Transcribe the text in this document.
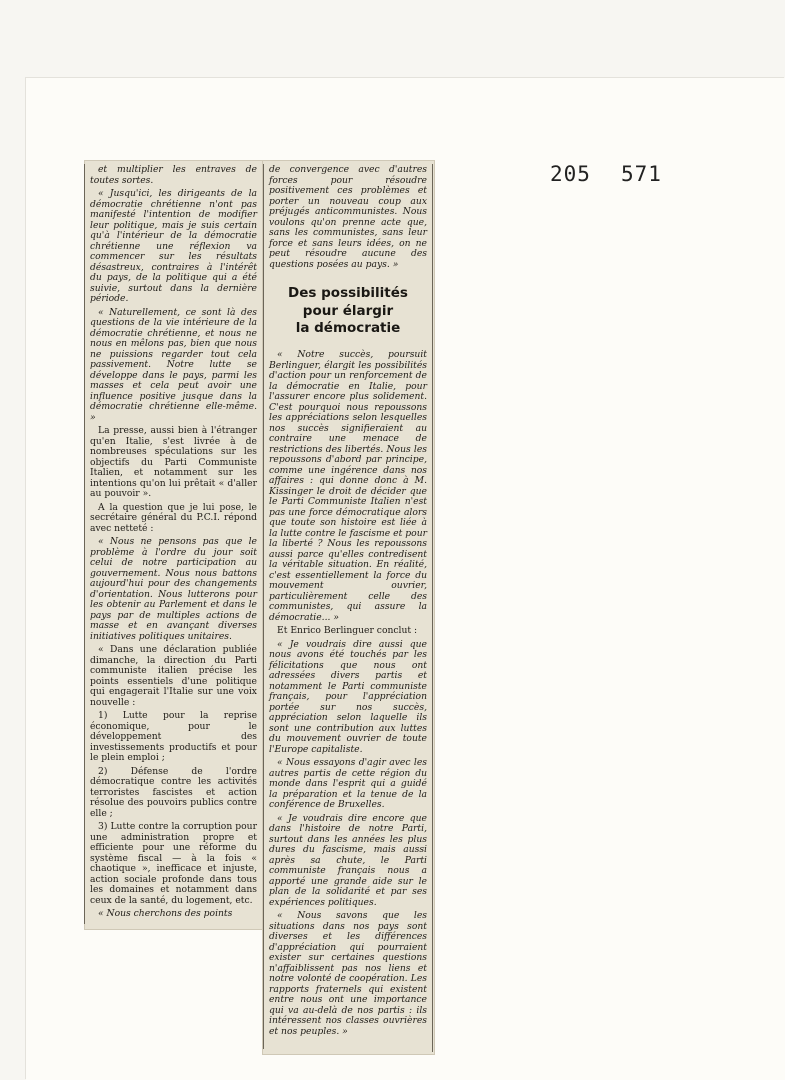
205 571

et multiplier les entraves de toutes sortes.

« Jusqu'ici, les dirigeants de la démocratie chrétienne n'ont pas manifesté l'intention de modifier leur politique, mais je suis certain qu'à l'intérieur de la démocratie chrétienne une réflexion va commencer sur les résultats désastreux, contraires à l'intérêt du pays, de la politique qui a été suivie, surtout dans la dernière période.

« Naturellement, ce sont là des questions de la vie intérieure de la démocratie chrétienne, et nous ne nous en mêlons pas, bien que nous ne puissions regarder tout cela passivement. Notre lutte se développe dans le pays, parmi les masses et cela peut avoir une influence positive jusque dans la démocratie chrétienne elle-même. »

La presse, aussi bien à l'étranger qu'en Italie, s'est livrée à de nombreuses spéculations sur les objectifs du Parti Communiste Italien, et notamment sur les intentions qu'on lui prêtait « d'aller au pouvoir ».

A la question que je lui pose, le secrétaire général du P.C.I. répond avec netteté :

« Nous ne pensons pas que le problème à l'ordre du jour soit celui de notre participation au gouvernement. Nous nous battons aujourd'hui pour des changements d'orientation. Nous lutterons pour les obtenir au Parlement et dans le pays par de multiples actions de masse et en avançant diverses initiatives politiques unitaires.

« Dans une déclaration publiée dimanche, la direction du Parti communiste italien précise les points essentiels d'une politique qui engagerait l'Italie sur une voix nouvelle :

1) Lutte pour la reprise économique, pour le développement des investissements productifs et pour le plein emploi ;

2) Défense de l'ordre démocratique contre les activités terroristes fascistes et action résolue des pouvoirs publics contre elle ;

3) Lutte contre la corruption pour une administration propre et efficiente pour une réforme du système fiscal — à la fois « chaotique », inefficace et injuste, action sociale profonde dans tous les domaines et notamment dans ceux de la santé, du logement, etc.

« Nous cherchons des points

de convergence avec d'autres forces pour résoudre positivement ces problèmes et porter un nouveau coup aux préjugés anticommunistes. Nous voulons qu'on prenne acte que, sans les communistes, sans leur force et sans leurs idées, on ne peut résoudre aucune des questions posées au pays. »

Des possibilités
pour élargir
la démocratie

« Notre succès, poursuit Berlinguer, élargit les possibilités d'action pour un renforcement de la démocratie en Italie, pour l'assurer encore plus solidement. C'est pourquoi nous repoussons les appréciations selon lesquelles nos succès signifieraient au contraire une menace de restrictions des libertés. Nous les repoussons d'abord par principe, comme une ingérence dans nos affaires : qui donne donc à M. Kissinger le droit de décider que le Parti Communiste Italien n'est pas une force démocratique alors que toute son histoire est liée à la lutte contre le fascisme et pour la liberté ? Nous les repoussons aussi parce qu'elles contredisent la véritable situation. En réalité, c'est essentiellement la force du mouvement ouvrier, particulièrement celle des communistes, qui assure la démocratie... »

Et Enrico Berlinguer conclut :

« Je voudrais dire aussi que nous avons été touchés par les félicitations que nous ont adressées divers partis et notamment le Parti communiste français, pour l'appréciation portée sur nos succès, appréciation selon laquelle ils sont une contribution aux luttes du mouvement ouvrier de toute l'Europe capitaliste.

« Nous essayons d'agir avec les autres partis de cette région du monde dans l'esprit qui a guidé la préparation et la tenue de la conférence de Bruxelles.

« Je voudrais dire encore que dans l'histoire de notre Parti, surtout dans les années les plus dures du fascisme, mais aussi après sa chute, le Parti communiste français nous a apporté une grande aide sur le plan de la solidarité et par ses expériences politiques.

« Nous savons que les situations dans nos pays sont diverses et les différences d'appréciation qui pourraient exister sur certaines questions n'affaiblissent pas nos liens et notre volonté de coopération. Les rapports fraternels qui existent entre nous ont une importance qui va au-delà de nos partis : ils intéressent nos classes ouvrières et nos peuples. »
